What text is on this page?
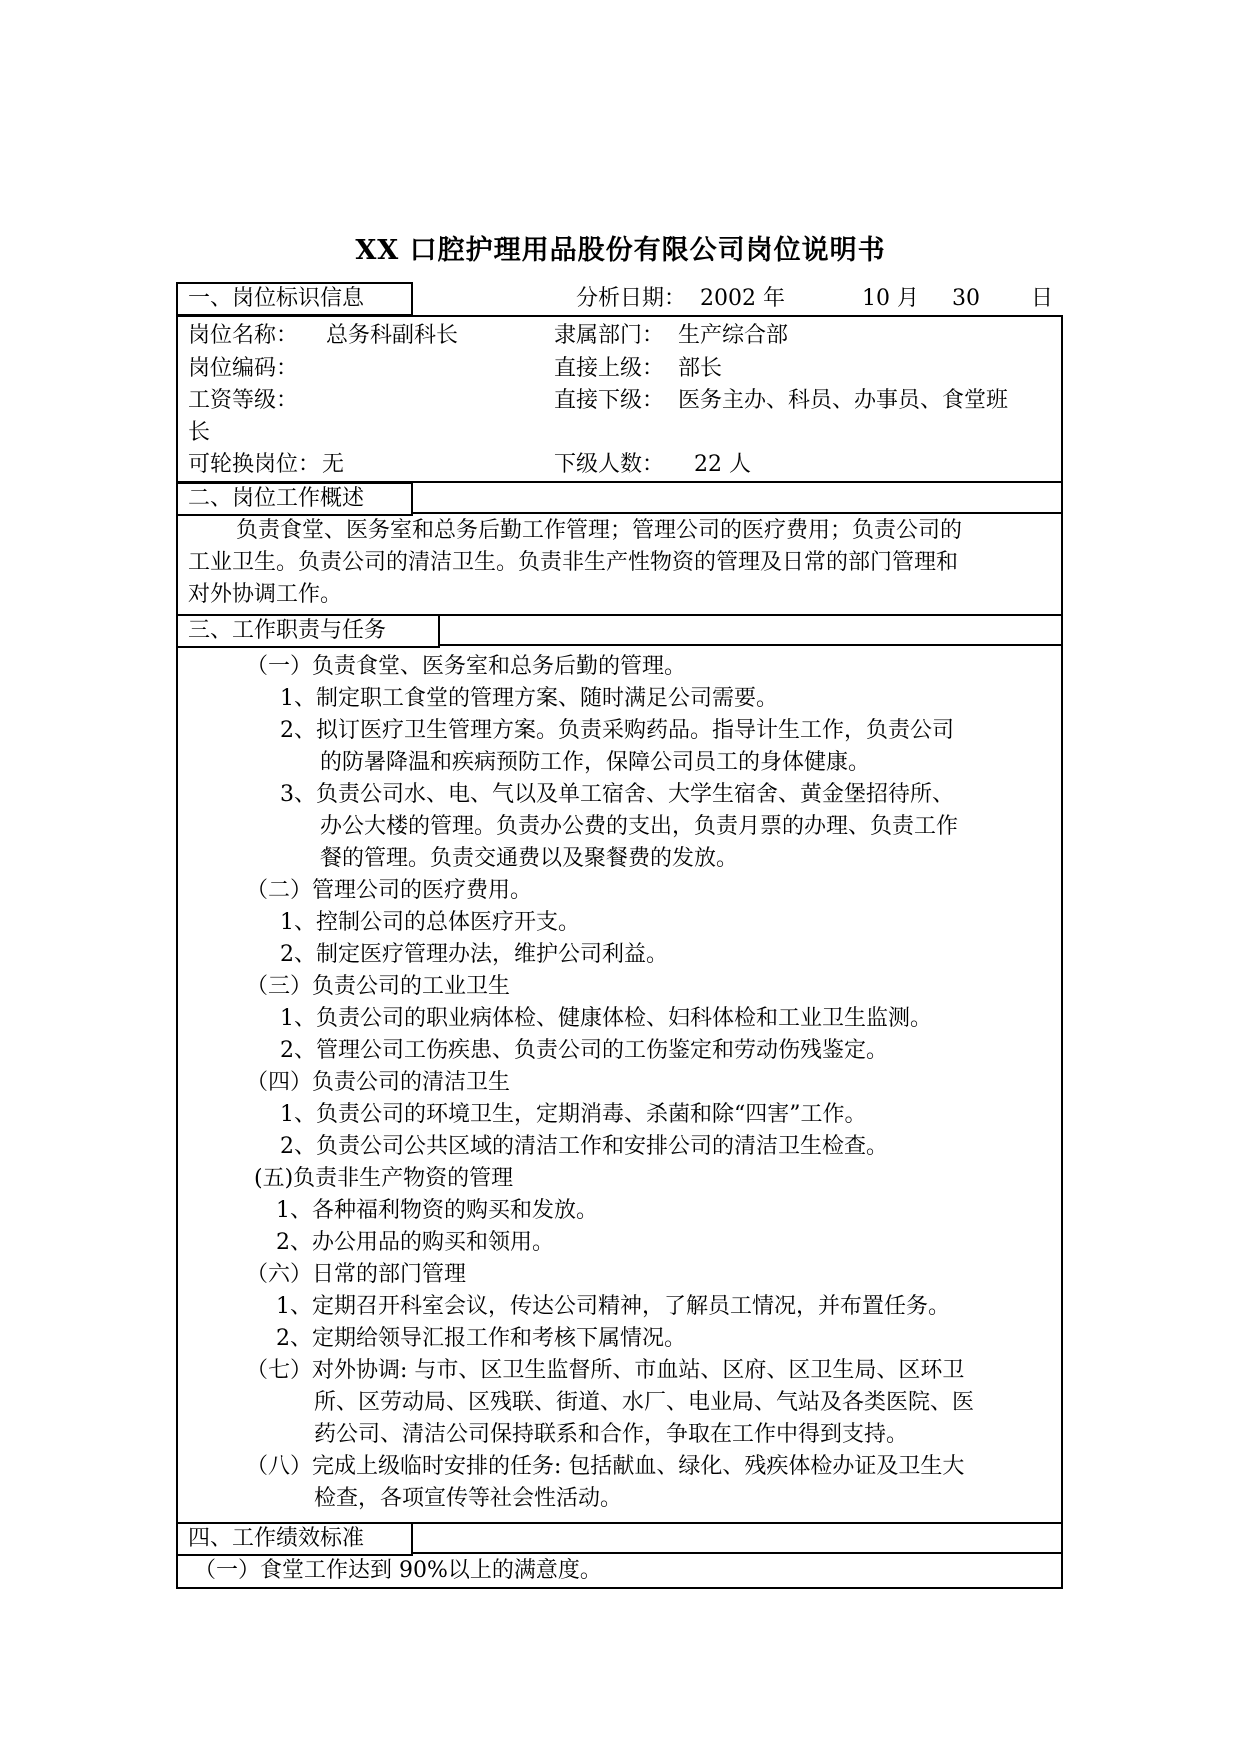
XX 口腔护理用品股份有限公司岗位说明书
一、岗位标识信息	分析日期： 2002 年	10 月 30 日
岗位名称： 总务科副科长	隶属部门： 生产综合部
岗位编码：	直接上级： 部长
工资等级：	直接下级： 医务主办、科员、办事员、食堂班
长
可轮换岗位： 无	下级人数： 22 人
二、岗位工作概述
负责食堂、医务室和总务后勤工作管理；管理公司的医疗费用；负责公司的
工业卫生。负责公司的清洁卫生。负责非生产性物资的管理及日常的部门管理和
对外协调工作。
三、工作职责与任务
（一）负责食堂、医务室和总务后勤的管理。
1、制定职工食堂的管理方案、随时满足公司需要。
2、拟订医疗卫生管理方案。负责采购药品。指导计生工作，负责公司
的防暑降温和疾病预防工作，保障公司员工的身体健康。
3、负责公司水、电、气以及单工宿舍、大学生宿舍、黄金堡招待所、
办公大楼的管理。负责办公费的支出，负责月票的办理、负责工作
餐的管理。负责交通费以及聚餐费的发放。
（二）管理公司的医疗费用。
1、控制公司的总体医疗开支。
2、制定医疗管理办法，维护公司利益。
（三）负责公司的工业卫生
1、负责公司的职业病体检、健康体检、妇科体检和工业卫生监测。
2、管理公司工伤疾患、负责公司的工伤鉴定和劳动伤残鉴定。
（四）负责公司的清洁卫生
1、负责公司的环境卫生，定期消毒、杀菌和除“四害”工作。
2、负责公司公共区域的清洁工作和安排公司的清洁卫生检查。
(五)负责非生产物资的管理
1、各种福利物资的购买和发放。
2、办公用品的购买和领用。
（六）日常的部门管理
1、定期召开科室会议，传达公司精神，了解员工情况，并布置任务。
2、定期给领导汇报工作和考核下属情况。
（七）对外协调: 与市、区卫生监督所、市血站、区府、区卫生局、区环卫
所、区劳动局、区残联、街道、水厂、电业局、气站及各类医院、医
药公司、清洁公司保持联系和合作，争取在工作中得到支持。
（八）完成上级临时安排的任务: 包括献血、绿化、残疾体检办证及卫生大
检查，各项宣传等社会性活动。
四、工作绩效标准
（一）食堂工作达到 90%以上的满意度。
